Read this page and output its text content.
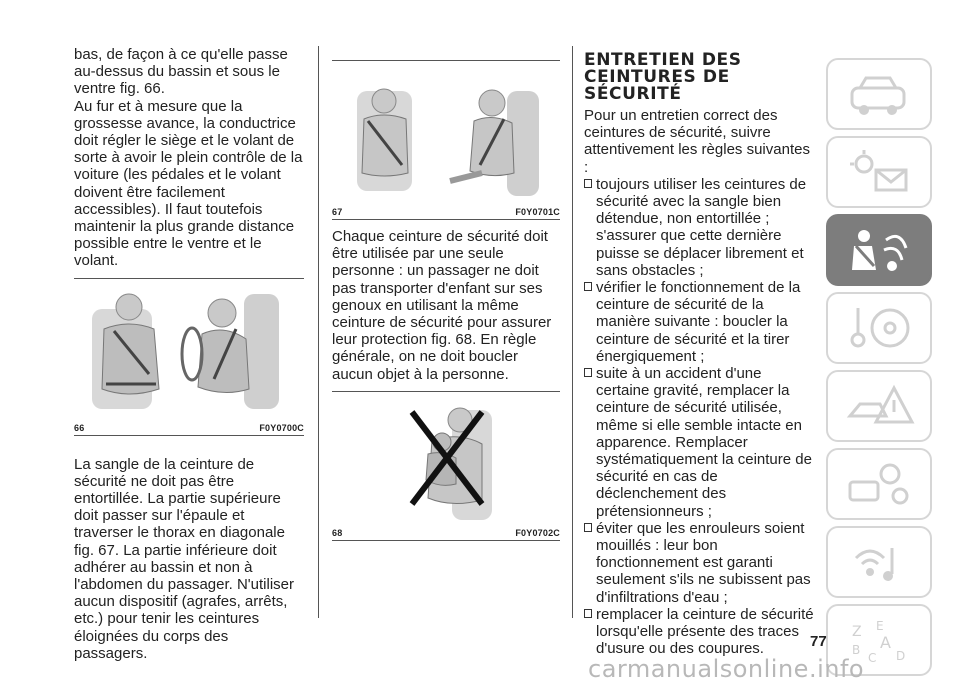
bas, de façon à ce qu'elle passe au-dessus du bassin et sous le ventre fig. 66.

Au fur et à mesure que la grossesse avance, la conductrice doit régler le siège et le volant de sorte à avoir le plein contrôle de la voiture (les pédales et le volant doivent être facilement accessibles). Il faut toutefois maintenir la plus grande distance possible entre le ventre et le volant.

66	F0Y0700C

La sangle de la ceinture de sécurité ne doit pas être entortillée. La partie supérieure doit passer sur l'épaule et traverser le thorax en diagonale fig. 67. La partie inférieure doit adhérer au bassin et non à l'abdomen du passager. N'utiliser aucun dispositif (agrafes, arrêts, etc.) pour tenir les ceintures éloignées du corps des passagers.

67	F0Y0701C

Chaque ceinture de sécurité doit être utilisée par une seule personne : un passager ne doit pas transporter d'enfant sur ses genoux en utilisant la même ceinture de sécurité pour assurer leur protection fig. 68. En règle générale, on ne doit boucler aucun objet à la personne.

68	F0Y0702C
ENTRETIEN DES
CEINTURES DE
SÉCURITÉ

Pour un entretien correct des ceintures de sécurité, suivre attentivement les règles suivantes :

toujours utiliser les ceintures de sécurité avec la sangle bien détendue, non entortillée ; s'assurer que cette dernière puisse se déplacer librement et sans obstacles ;

vérifier le fonctionnement de la ceinture de sécurité de la manière suivante : boucler la ceinture de sécurité et la tirer énergiquement ;

suite à un accident d'une certaine gravité, remplacer la ceinture de sécurité utilisée, même si elle semble intacte en apparence. Remplacer systématiquement la ceinture de sécurité en cas de déclenchement des prétensionneurs ;

éviter que les enrouleurs soient mouillés : leur bon fonctionnement est garanti seulement s'ils ne subissent pas d'infiltrations d'eau ;

remplacer la ceinture de sécurité lorsqu'elle présente des traces d'usure ou des coupures.

Z E
A
B
C D
77
carmanualsonline.info
